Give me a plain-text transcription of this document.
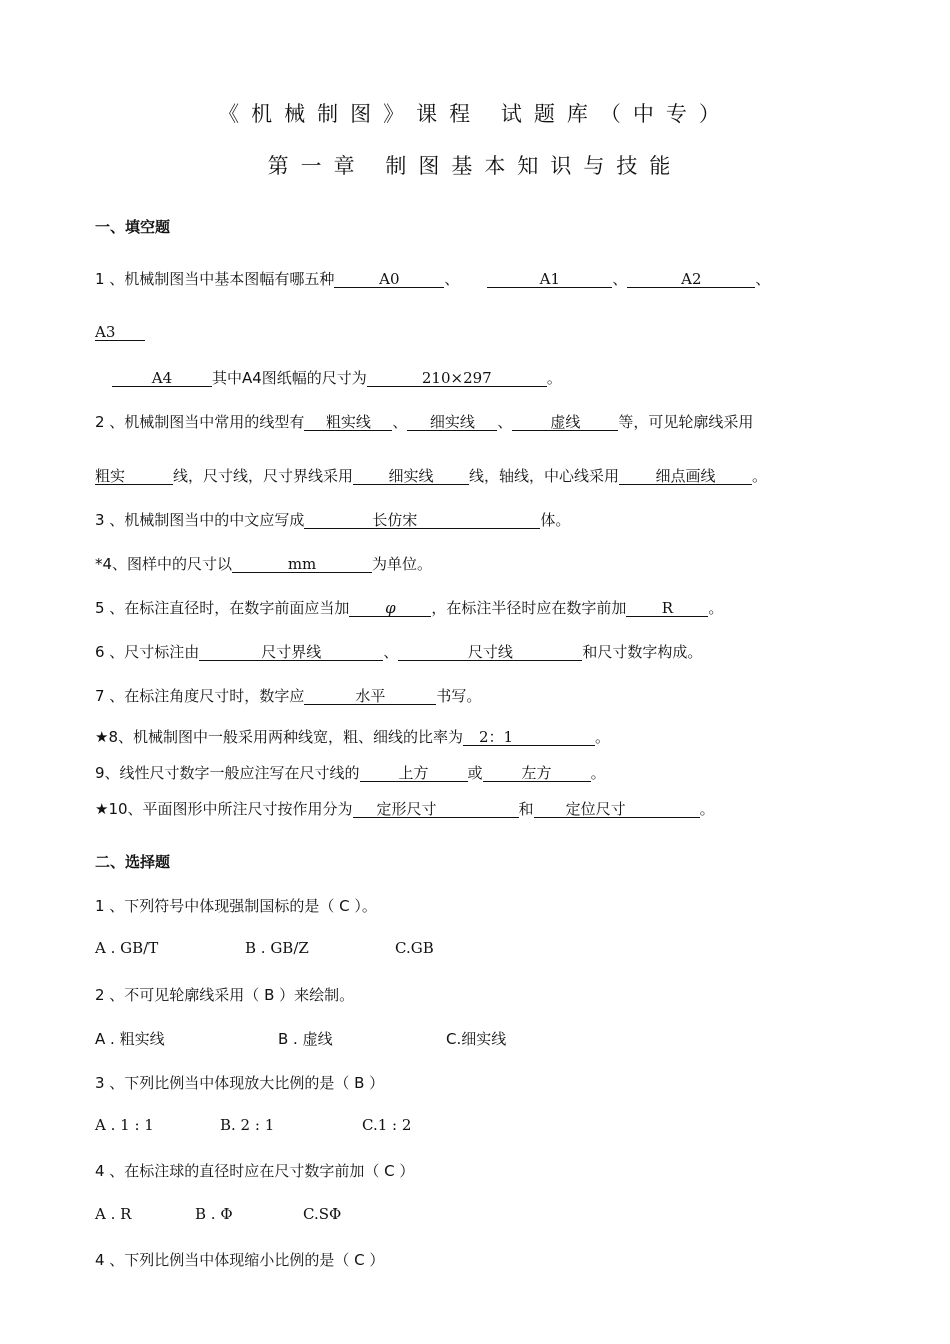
《机械制图》课程 试题库（中专）
第一章 制图基本知识与技能
一、填空题
1 、机械制图当中基本图幅有哪五种	A0	、	A1	、	A2	、
A3
A4	其中A4图纸幅的尺寸为	210×297	。
2 、机械制图当中常用的线型有 粗实线 、 细实线 、	虚线	等，可见轮廓线采用
粗实	线，尺寸线，尺寸界线采用 细实线 线，轴线，中心线采用 细点画线 。
3 、机械制图当中的中文应写成	长仿宋	体。
*4、图样中的尺寸以	mm	为单位。
5 、在标注直径时，在数字前面应当加 φ ，在标注半径时应在数字前加 R 。
6 、尺寸标注由	尺寸界线	、	尺寸线	和尺寸数字构成。
7 、在标注角度尺寸时，数字应	水平	书写。
★8、机械制图中一般采用两种线宽，粗、细线的比率为 2：1	。
9、线性尺寸数字一般应注写在尺寸线的	上方	或	左方	。
★10、平面图形中所注尺寸按作用分为 定形尺寸	和 定位尺寸	。
二、选择题
1 、下列符号中体现强制国标的是（ C ）。
A . GB/T	B . GB/Z	C.GB
2 、不可见轮廓线采用（ B ）来绘制。
A . 粗实线	B . 虚线	C.细实线
3 、下列比例当中体现放大比例的是（ B ）
A . 1 : 1	B. 2 : 1	C.1 : 2
4 、在标注球的直径时应在尺寸数字前加（ C ）
A . R	B . Φ	C.SΦ
4 、下列比例当中体现缩小比例的是（ C ）
